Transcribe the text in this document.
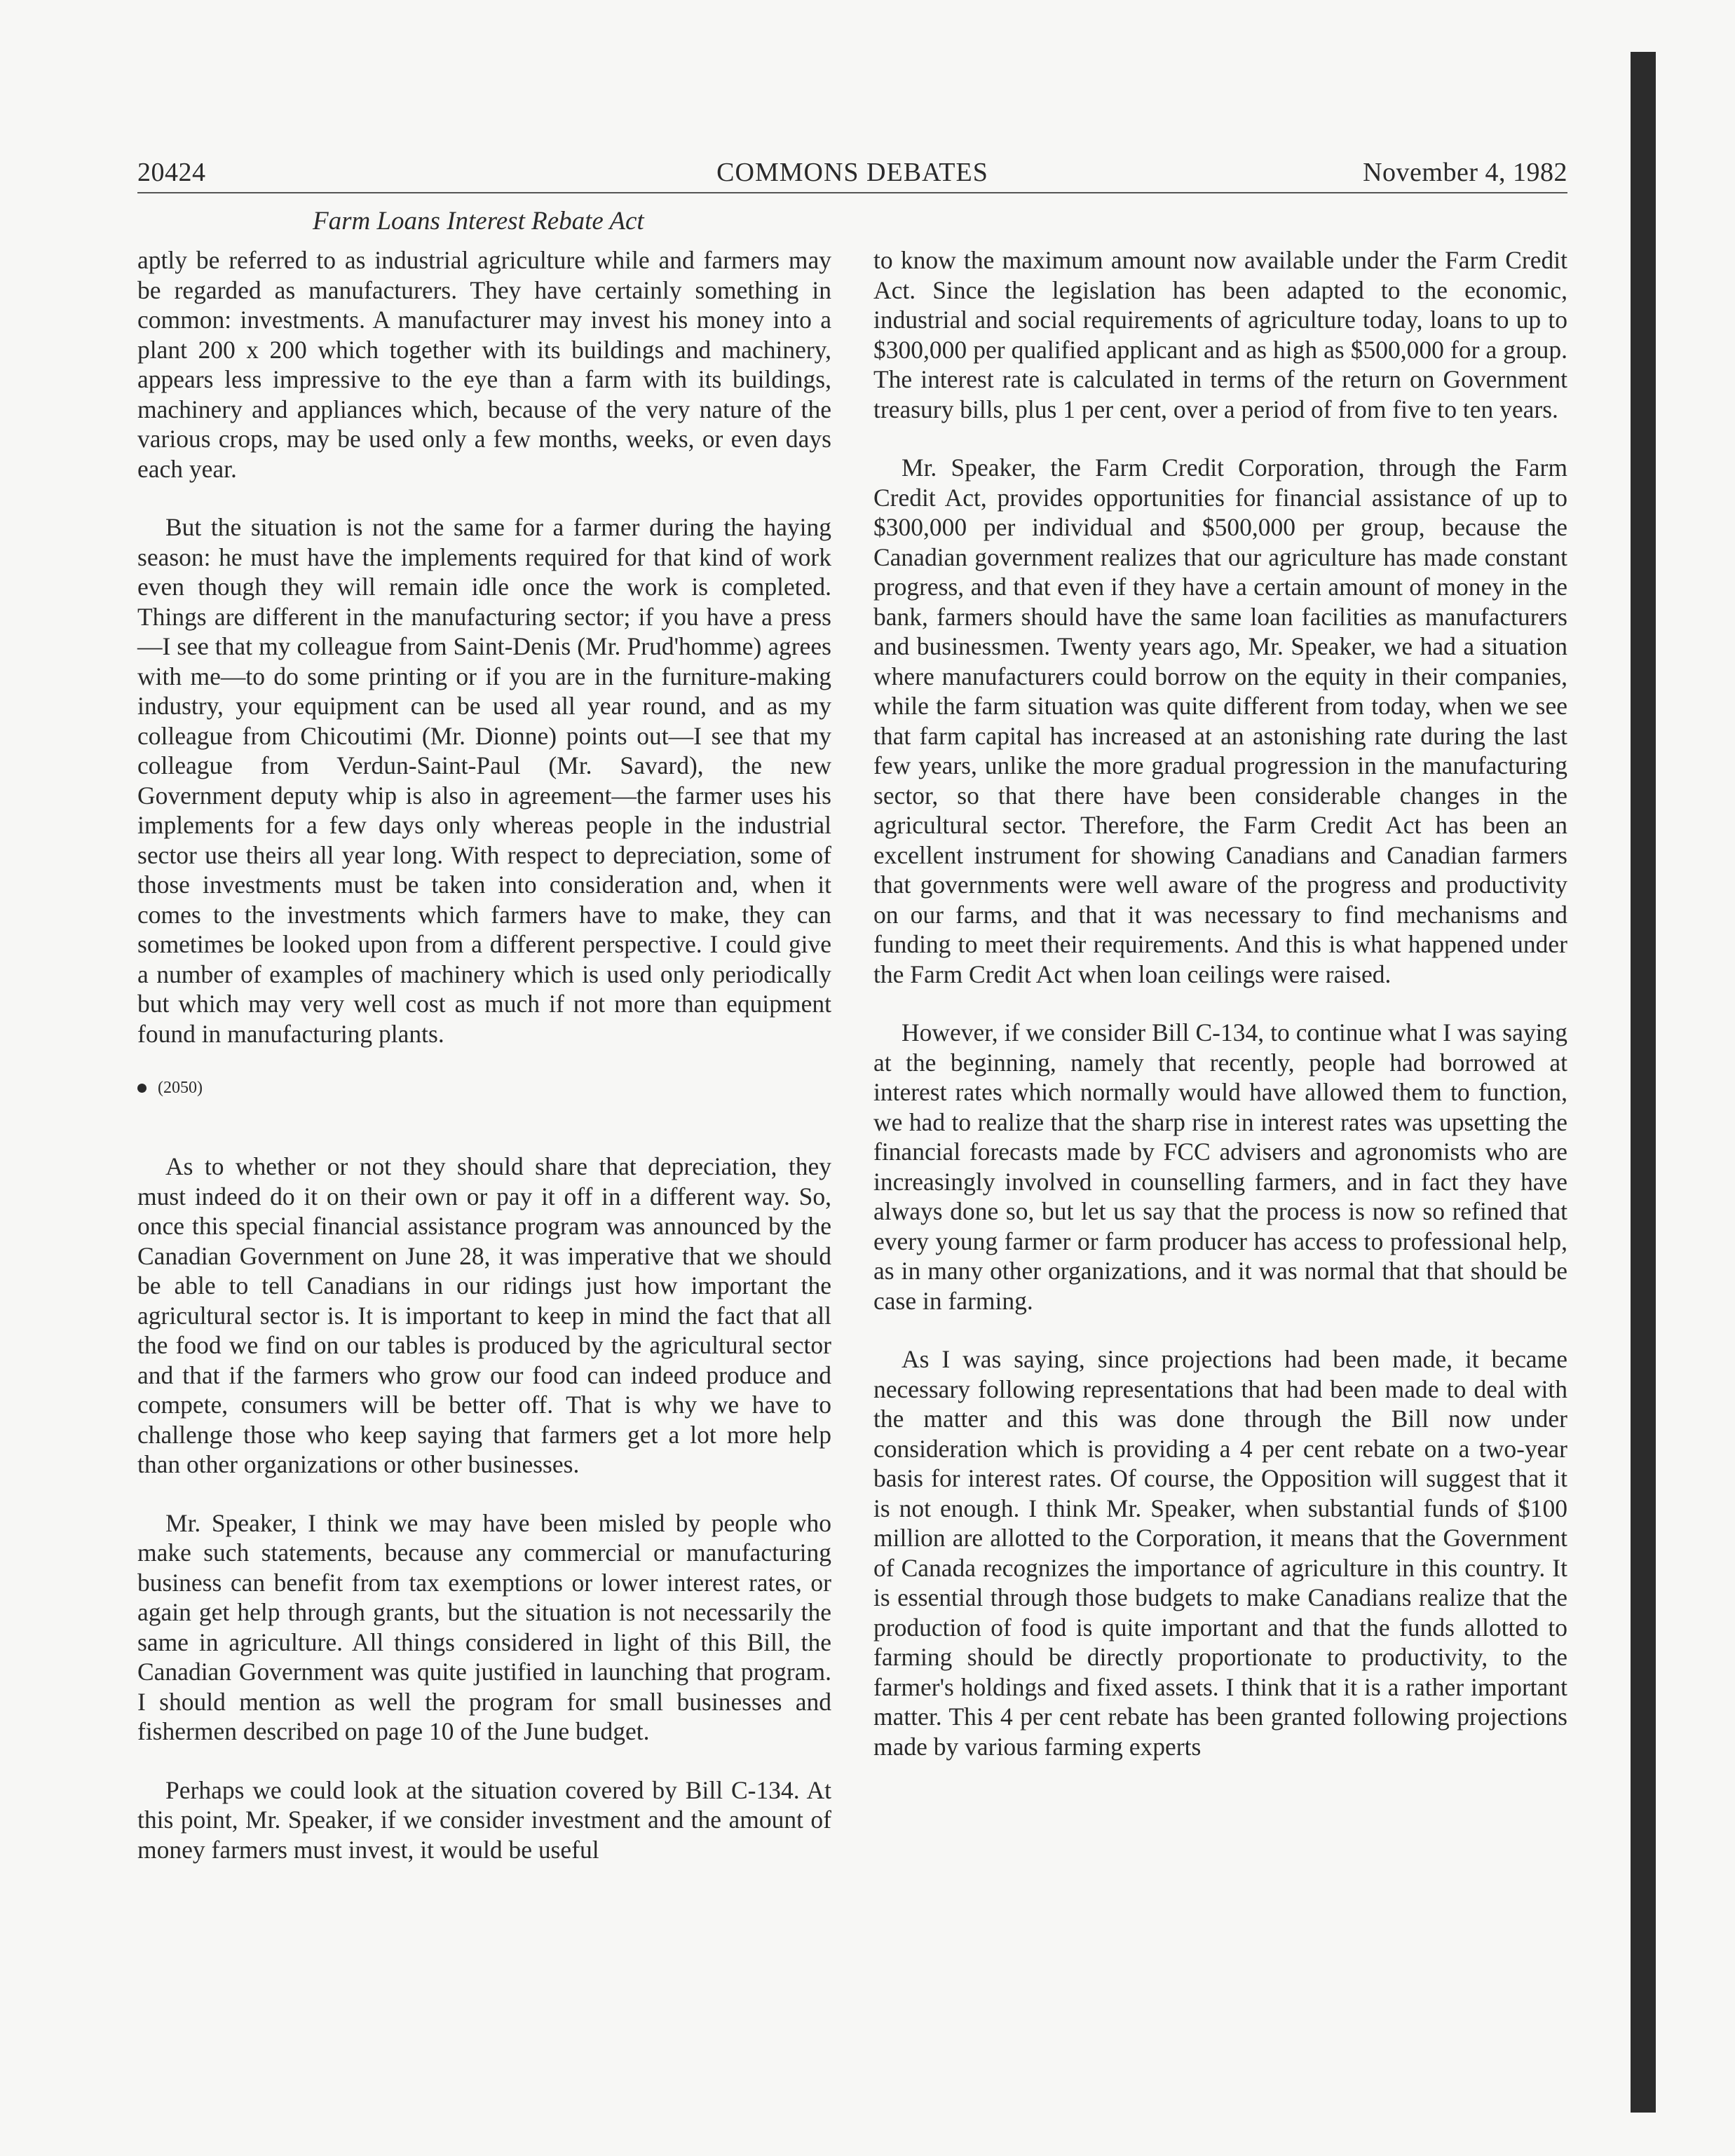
20424	COMMONS DEBATES	November 4, 1982
Farm Loans Interest Rebate Act

aptly be referred to as industrial agriculture while and farmers may be regarded as manufacturers. They have certainly something in common: investments. A manufacturer may invest his money into a plant 200 x 200 which together with its buildings and machinery, appears less impressive to the eye than a farm with its buildings, machinery and appliances which, because of the very nature of the various crops, may be used only a few months, weeks, or even days each year.

But the situation is not the same for a farmer during the haying season: he must have the implements required for that kind of work even though they will remain idle once the work is completed. Things are different in the manufacturing sector; if you have a press—I see that my colleague from Saint-Denis (Mr. Prud'homme) agrees with me—to do some printing or if you are in the furniture-making industry, your equipment can be used all year round, and as my colleague from Chicoutimi (Mr. Dionne) points out—I see that my colleague from Verdun-Saint-Paul (Mr. Savard), the new Government deputy whip is also in agreement—the farmer uses his implements for a few days only whereas people in the industrial sector use theirs all year long. With respect to depreciation, some of those investments must be taken into consideration and, when it comes to the investments which farmers have to make, they can sometimes be looked upon from a different perspective. I could give a number of examples of machinery which is used only periodically but which may very well cost as much if not more than equipment found in manufacturing plants.

(2050)

As to whether or not they should share that depreciation, they must indeed do it on their own or pay it off in a different way. So, once this special financial assistance program was announced by the Canadian Government on June 28, it was imperative that we should be able to tell Canadians in our ridings just how important the agricultural sector is. It is important to keep in mind the fact that all the food we find on our tables is produced by the agricultural sector and that if the farmers who grow our food can indeed produce and compete, consumers will be better off. That is why we have to challenge those who keep saying that farmers get a lot more help than other organizations or other businesses.

Mr. Speaker, I think we may have been misled by people who make such statements, because any commercial or manufacturing business can benefit from tax exemptions or lower interest rates, or again get help through grants, but the situation is not necessarily the same in agriculture. All things considered in light of this Bill, the Canadian Government was quite justified in launching that program. I should mention as well the program for small businesses and fishermen described on page 10 of the June budget.

Perhaps we could look at the situation covered by Bill C-134. At this point, Mr. Speaker, if we consider investment and the amount of money farmers must invest, it would be useful

to know the maximum amount now available under the Farm Credit Act. Since the legislation has been adapted to the economic, industrial and social requirements of agriculture today, loans to up to $300,000 per qualified applicant and as high as $500,000 for a group. The interest rate is calculated in terms of the return on Government treasury bills, plus 1 per cent, over a period of from five to ten years.

Mr. Speaker, the Farm Credit Corporation, through the Farm Credit Act, provides opportunities for financial assistance of up to $300,000 per individual and $500,000 per group, because the Canadian government realizes that our agriculture has made constant progress, and that even if they have a certain amount of money in the bank, farmers should have the same loan facilities as manufacturers and businessmen. Twenty years ago, Mr. Speaker, we had a situation where manufacturers could borrow on the equity in their companies, while the farm situation was quite different from today, when we see that farm capital has increased at an astonishing rate during the last few years, unlike the more gradual progression in the manufacturing sector, so that there have been considerable changes in the agricultural sector. Therefore, the Farm Credit Act has been an excellent instrument for showing Canadians and Canadian farmers that governments were well aware of the progress and productivity on our farms, and that it was necessary to find mechanisms and funding to meet their requirements. And this is what happened under the Farm Credit Act when loan ceilings were raised.

However, if we consider Bill C-134, to continue what I was saying at the beginning, namely that recently, people had borrowed at interest rates which normally would have allowed them to function, we had to realize that the sharp rise in interest rates was upsetting the financial forecasts made by FCC advisers and agronomists who are increasingly involved in counselling farmers, and in fact they have always done so, but let us say that the process is now so refined that every young farmer or farm producer has access to professional help, as in many other organizations, and it was normal that that should be case in farming.

As I was saying, since projections had been made, it became necessary following representations that had been made to deal with the matter and this was done through the Bill now under consideration which is providing a 4 per cent rebate on a two-year basis for interest rates. Of course, the Opposition will suggest that it is not enough. I think Mr. Speaker, when substantial funds of $100 million are allotted to the Corporation, it means that the Government of Canada recognizes the importance of agriculture in this country. It is essential through those budgets to make Canadians realize that the production of food is quite important and that the funds allotted to farming should be directly proportionate to productivity, to the farmer's holdings and fixed assets. I think that it is a rather important matter. This 4 per cent rebate has been granted following projections made by various farming experts
